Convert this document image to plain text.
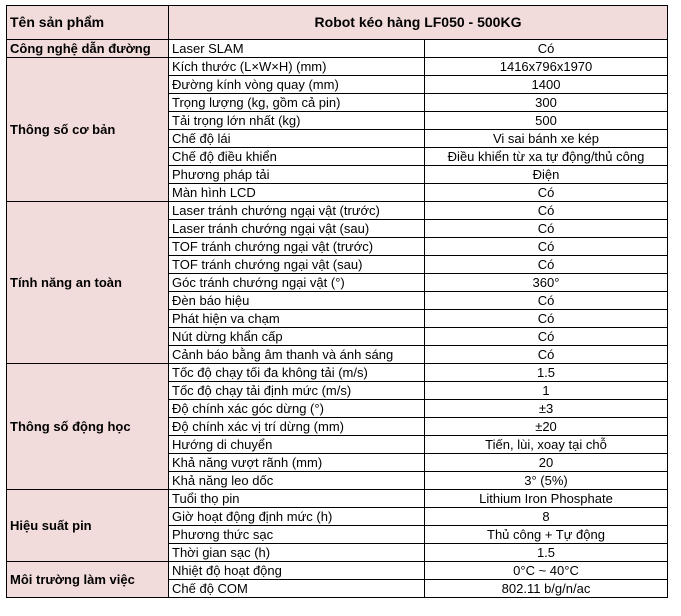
Tên sản phẩm	Robot kéo hàng LF050 - 500KG	
Công nghệ dẫn đường	Laser SLAM	Có
Thông số cơ bản	Kích thước (L×W×H) (mm)	1416x796x1970
	Đường kính vòng quay (mm)	1400
	Trọng lượng (kg, gồm cả pin)	300
	Tải trọng lớn nhất (kg)	500
	Chế độ lái	Vi sai bánh xe kép
	Chế độ điều khiển	Điều khiển từ xa tự động/thủ công
	Phương pháp tải	Điện
	Màn hình LCD	Có
Tính năng an toàn	Laser tránh chướng ngại vật (trước)	Có
	Laser tránh chướng ngại vật (sau)	Có
	TOF tránh chướng ngại vật (trước)	Có
	TOF tránh chướng ngại vật (sau)	Có
	Góc tránh chướng ngại vật (°)	360°
	Đèn báo hiệu	Có
	Phát hiện va chạm	Có
	Nút dừng khẩn cấp	Có
	Cảnh báo bằng âm thanh và ánh sáng	Có
Thông số động học	Tốc độ chạy tối đa không tải (m/s)	1.5
	Tốc độ chạy tải định mức (m/s)	1
	Độ chính xác góc dừng (°)	±3
	Độ chính xác vị trí dừng (mm)	±20
	Hướng di chuyển	Tiến, lùi, xoay tại chỗ
	Khả năng vượt rãnh (mm)	20
	Khả năng leo dốc	3° (5%)
Hiệu suất pin	Tuổi thọ pin	Lithium Iron Phosphate
	Giờ hoạt động định mức (h)	8
	Phương thức sạc	Thủ công + Tự động
	Thời gian sạc (h)	1.5
Môi trường làm việc	Nhiệt độ hoạt động	0°C ~ 40°C
	Chế độ COM	802.11 b/g/n/ac
